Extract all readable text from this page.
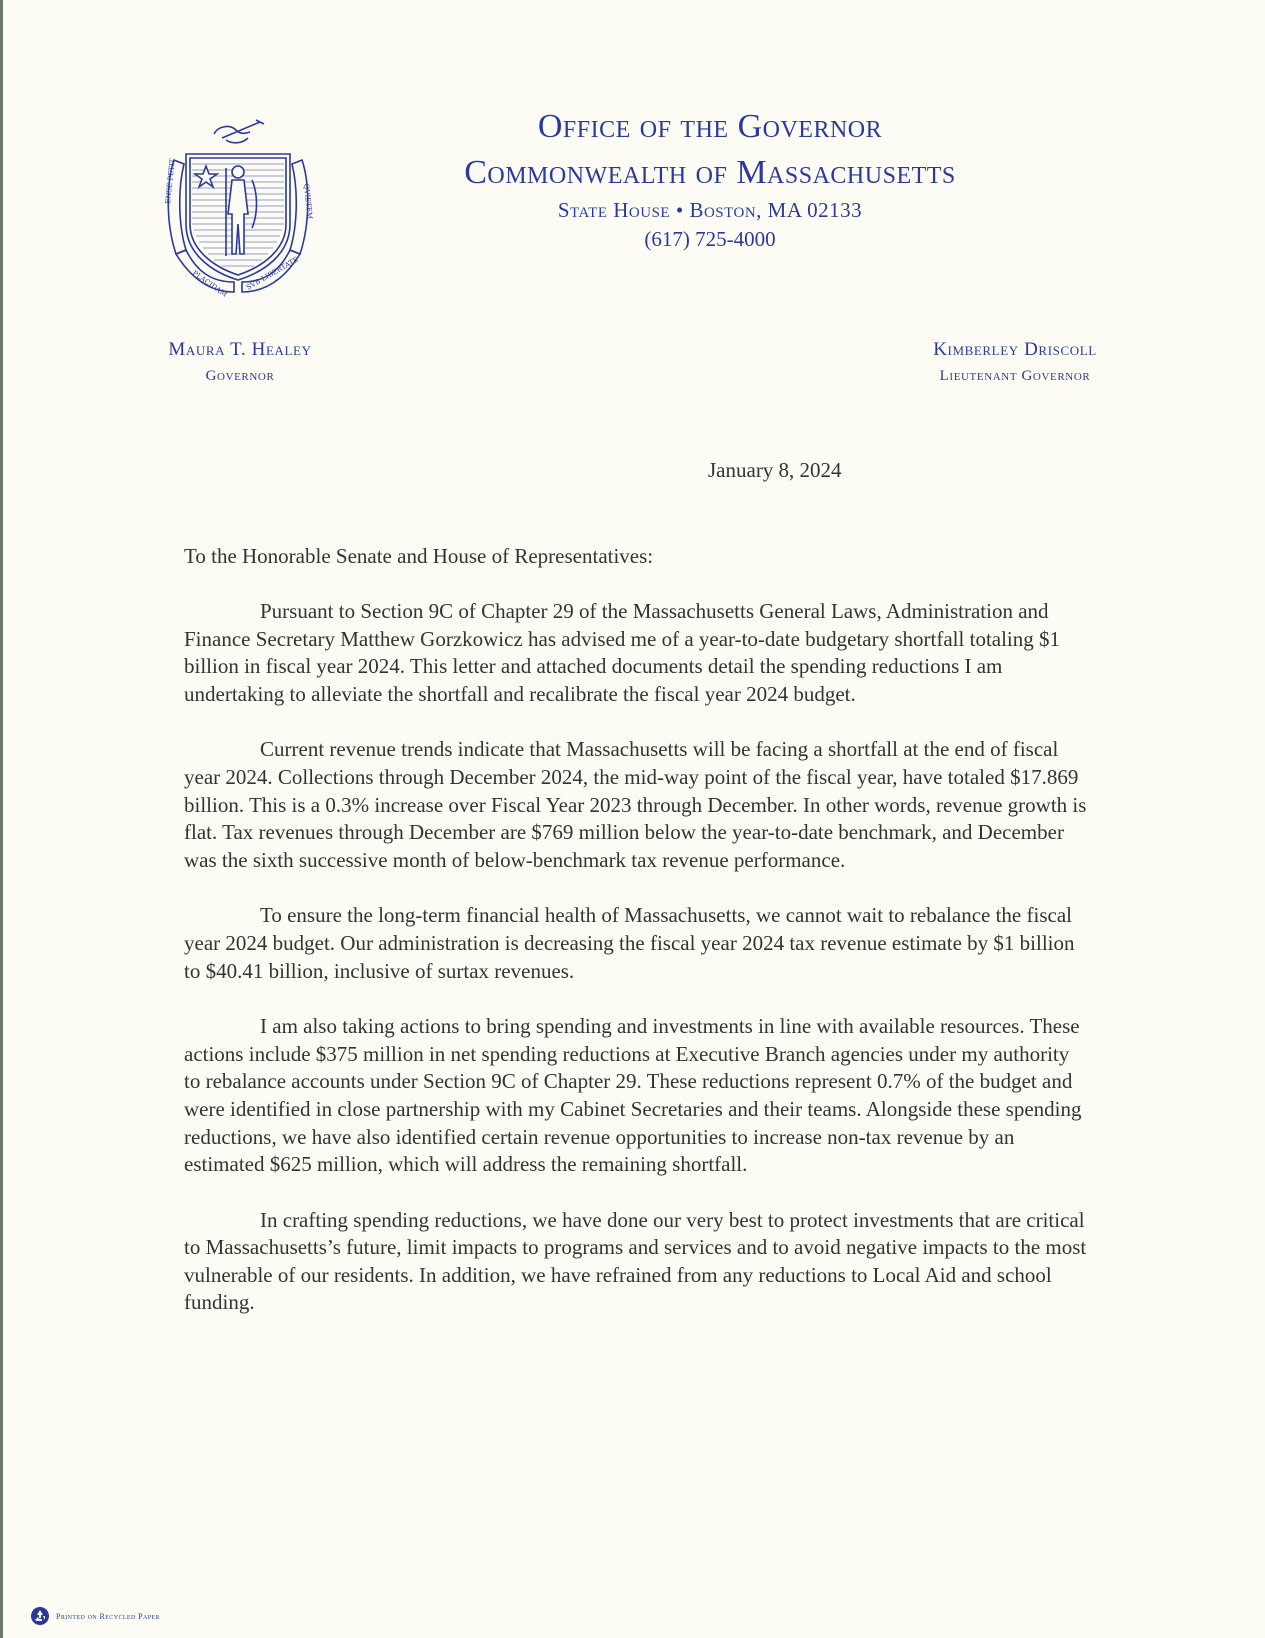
ENSE PETIT
PLACIDAM SVB LIBERTATE
QVIETEM
Office of the Governor
Commonwealth of Massachusetts
State House • Boston, MA 02133
(617) 725-4000
Maura T. Healey
Governor
Kimberley Driscoll
Lieutenant Governor
January 8, 2024
To the Honorable Senate and House of Representatives:

Pursuant to Section 9C of Chapter 29 of the Massachusetts General Laws, Administration and Finance Secretary Matthew Gorzkowicz has advised me of a year-to-date budgetary shortfall totaling $1 billion in fiscal year 2024. This letter and attached documents detail the spending reductions I am undertaking to alleviate the shortfall and recalibrate the fiscal year 2024 budget.

Current revenue trends indicate that Massachusetts will be facing a shortfall at the end of fiscal year 2024. Collections through December 2024, the mid-way point of the fiscal year, have totaled $17.869 billion. This is a 0.3% increase over Fiscal Year 2023 through December. In other words, revenue growth is flat. Tax revenues through December are $769 million below the year-to-date benchmark, and December was the sixth successive month of below-benchmark tax revenue performance.

To ensure the long-term financial health of Massachusetts, we cannot wait to rebalance the fiscal year 2024 budget. Our administration is decreasing the fiscal year 2024 tax revenue estimate by $1 billion to $40.41 billion, inclusive of surtax revenues.

I am also taking actions to bring spending and investments in line with available resources. These actions include $375 million in net spending reductions at Executive Branch agencies under my authority to rebalance accounts under Section 9C of Chapter 29. These reductions represent 0.7% of the budget and were identified in close partnership with my Cabinet Secretaries and their teams. Alongside these spending reductions, we have also identified certain revenue opportunities to increase non-tax revenue by an estimated $625 million, which will address the remaining shortfall.

In crafting spending reductions, we have done our very best to protect investments that are critical to Massachusetts’s future, limit impacts to programs and services and to avoid negative impacts to the most vulnerable of our residents. In addition, we have refrained from any reductions to Local Aid and school funding.

Printed on Recycled Paper
